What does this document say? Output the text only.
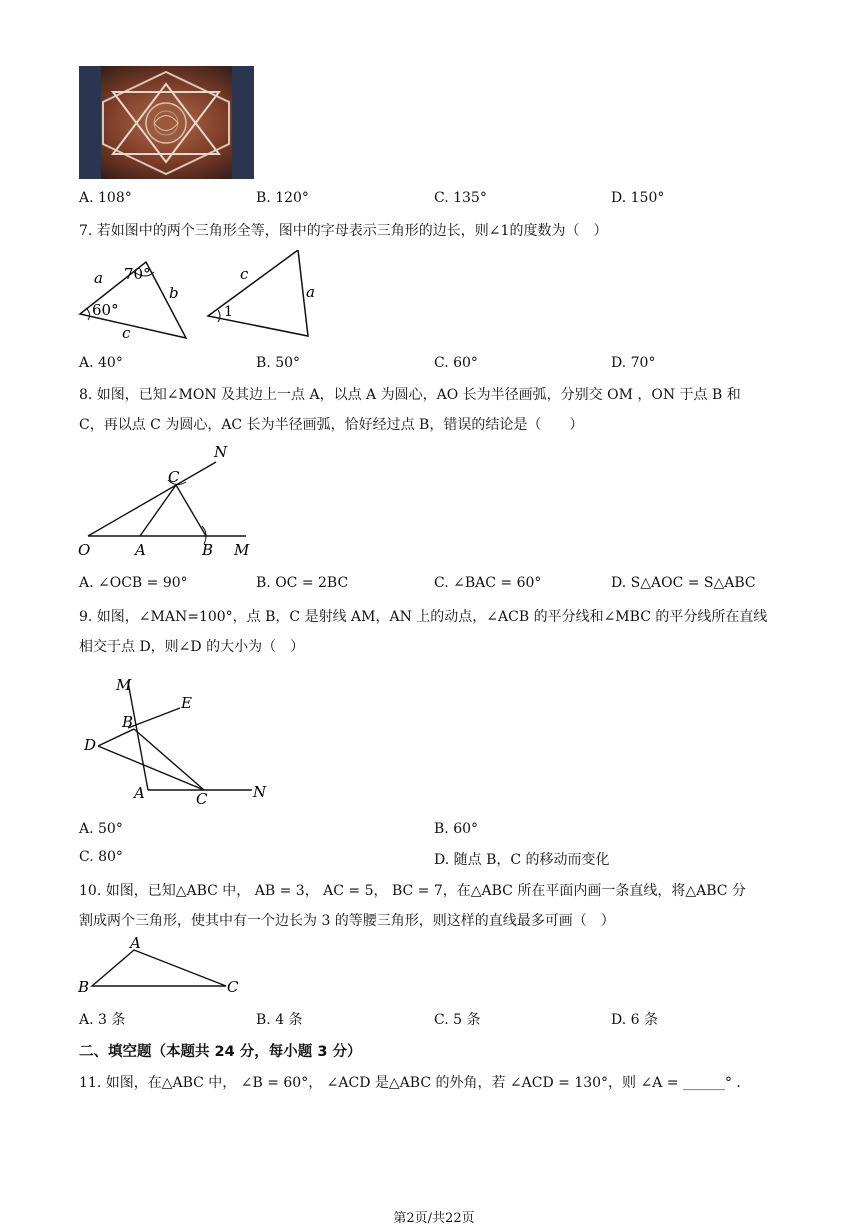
A. 108°	B. 120°	C. 135°	D. 150°
7. 若如图中的两个三角形全等，图中的字母表示三角形的边长，则∠1的度数为（　）
a 70°
b
60°
c
c
a
1
A. 40°	B. 50°	C. 60°	D. 70°
8. 如图，已知∠MON 及其边上一点 A，以点 A 为圆心，AO 长为半径画弧，分别交 OM ，ON 于点 B 和
C，再以点 C 为圆心，AC 长为半径画弧，恰好经过点 B，错误的结论是（　　）
N
C
O	A	B M
A. ∠OCB = 90°	B. OC = 2BC	C. ∠BAC = 60°	D. S△AOC = S△ABC
9. 如图，∠MAN=100°，点 B，C 是射线 AM，AN 上的动点，∠ACB 的平分线和∠MBC 的平分线所在直线
相交于点 D，则∠D 的大小为（　）
M
E
B
D
A	C	N
A. 50°	B. 60°
C. 80°	D. 随点 B，C 的移动而变化
10. 如图，已知△ABC 中， AB = 3， AC = 5， BC = 7，在△ABC 所在平面内画一条直线，将△ABC 分
割成两个三角形，使其中有一个边长为 3 的等腰三角形，则这样的直线最多可画（　）
A
B	C
A. 3 条	B. 4 条	C. 5 条	D. 6 条
二、填空题（本题共 24 分，每小题 3 分）
11. 如图，在△ABC 中， ∠B = 60°， ∠ACD 是△ABC 的外角，若 ∠ACD = 130°，则 ∠A = ______° .
第2页/共22页
